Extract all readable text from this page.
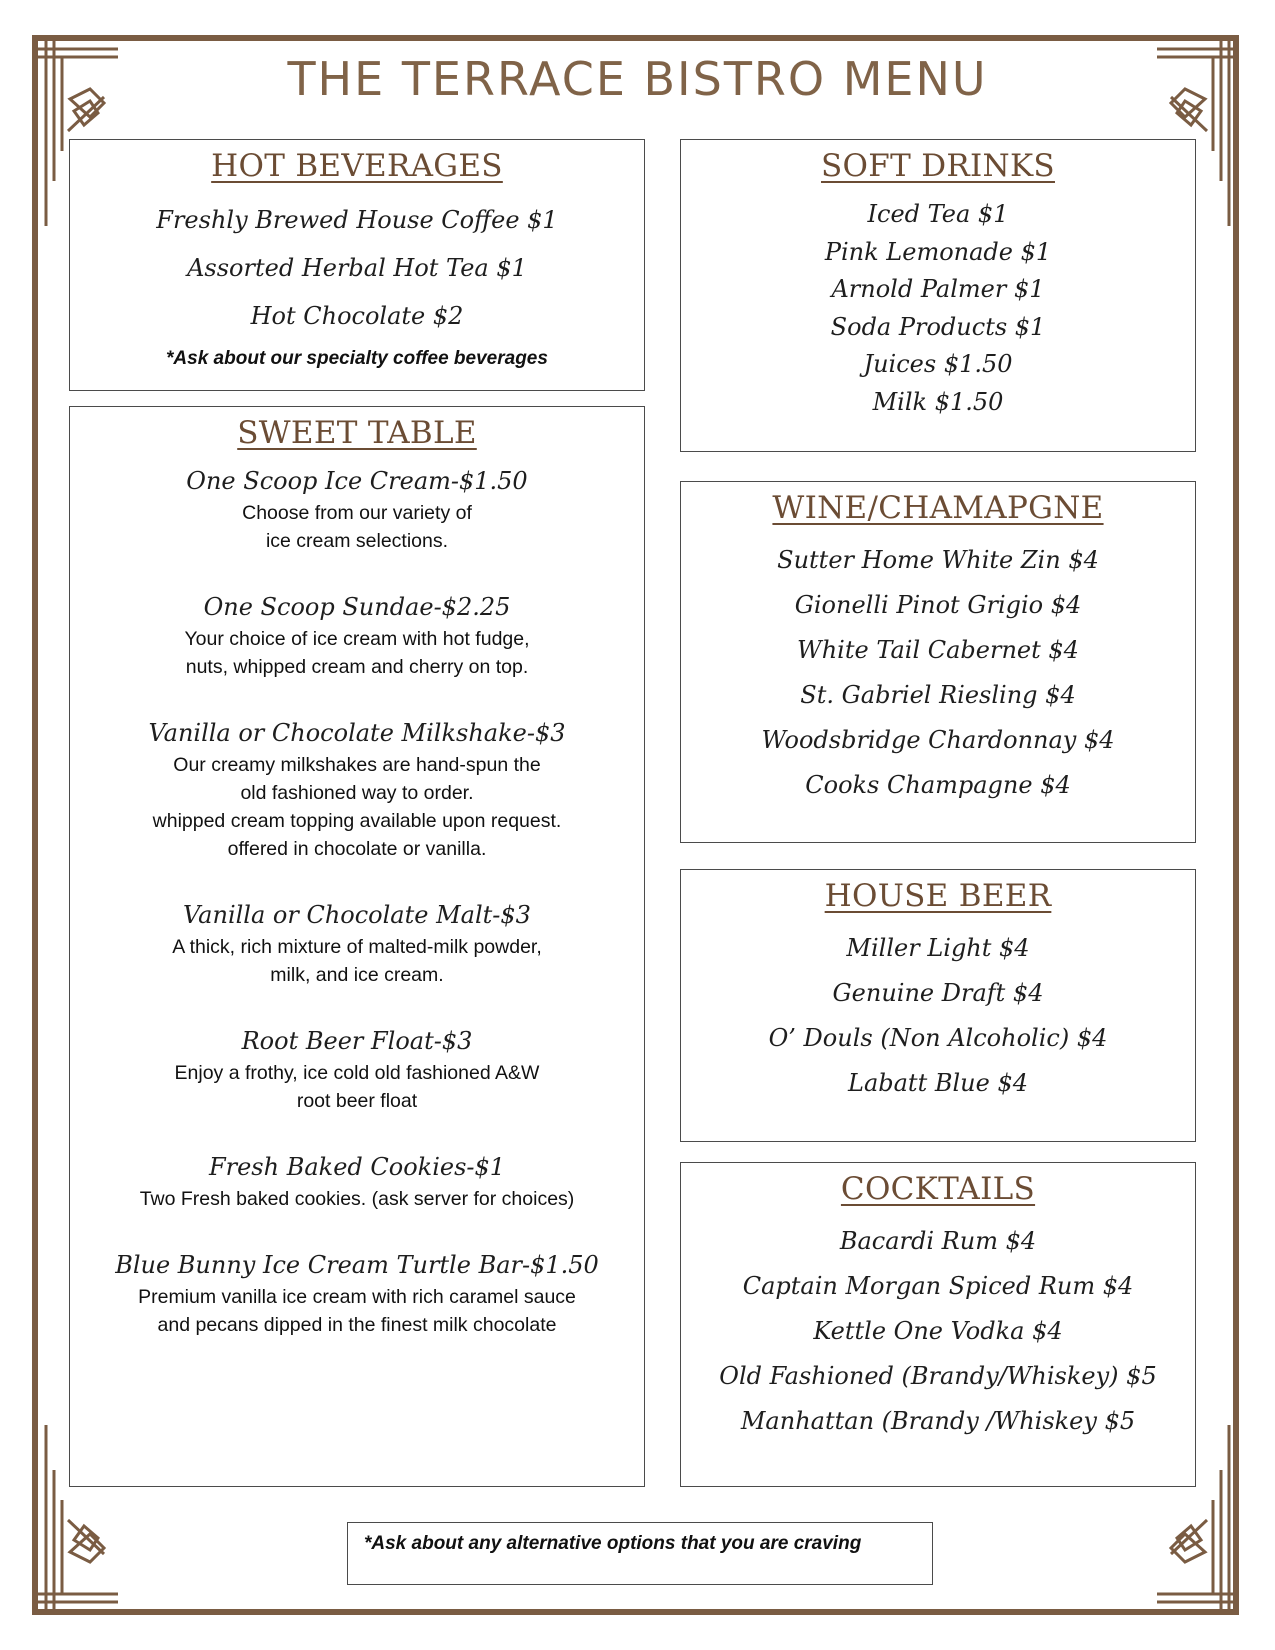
THE TERRACE BISTRO MENU
HOT BEVERAGES
Freshly Brewed House Coffee $1
Assorted Herbal Hot Tea $1
Hot Chocolate $2
*Ask about our specialty coffee beverages
SWEET TABLE
One Scoop Ice Cream-$1.50
Choose from our variety of
ice cream selections.
One Scoop Sundae-$2.25
Your choice of ice cream with hot fudge,
nuts, whipped cream and cherry on top.
Vanilla or Chocolate Milkshake-$3
Our creamy milkshakes are hand-spun the
old fashioned way to order.
whipped cream topping available upon request.
offered in chocolate or vanilla.
Vanilla or Chocolate Malt-$3
A thick, rich mixture of malted-milk powder,
milk, and ice cream.
Root Beer Float-$3
Enjoy a frothy, ice cold old fashioned A&W
root beer float
Fresh Baked Cookies-$1
Two Fresh baked cookies. (ask server for choices)
Blue Bunny Ice Cream Turtle Bar-$1.50
Premium vanilla ice cream with rich caramel sauce
and pecans dipped in the finest milk chocolate
SOFT DRINKS
Iced Tea $1
Pink Lemonade $1
Arnold Palmer $1
Soda Products $1
Juices $1.50
Milk $1.50
WINE/CHAMAPGNE
Sutter Home White Zin $4
Gionelli Pinot Grigio $4
White Tail Cabernet $4
St. Gabriel Riesling $4
Woodsbridge Chardonnay $4
Cooks Champagne $4
HOUSE BEER
Miller Light $4
Genuine Draft $4
O’ Douls (Non Alcoholic) $4
Labatt Blue $4
COCKTAILS
Bacardi Rum $4
Captain Morgan Spiced Rum $4
Kettle One Vodka $4
Old Fashioned (Brandy/Whiskey) $5
Manhattan (Brandy /Whiskey $5
*Ask about any alternative options that you are craving
